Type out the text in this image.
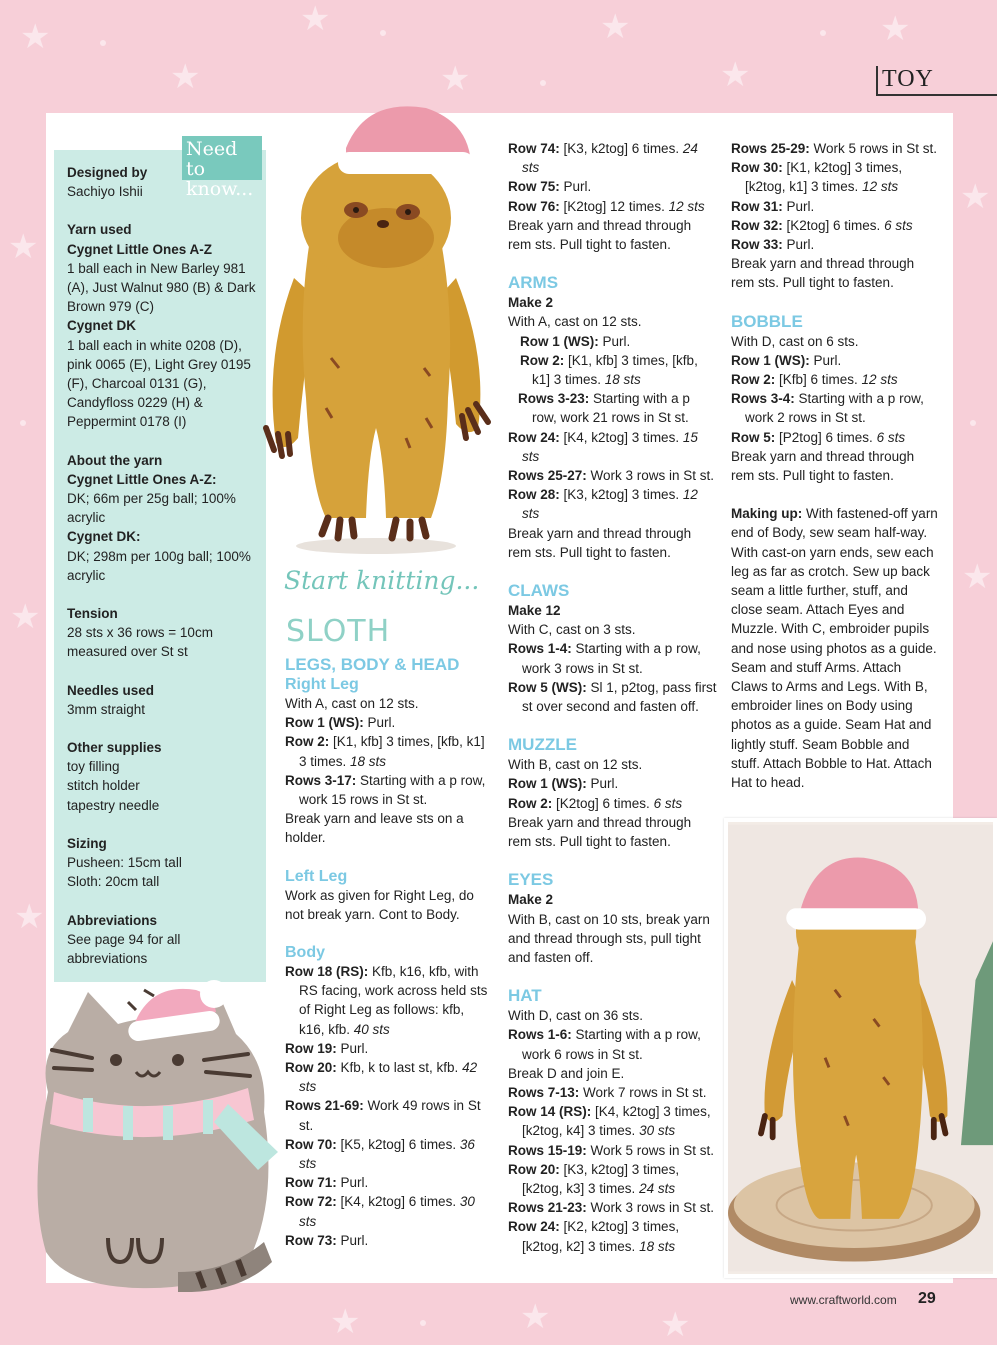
★
★
★
★
★
★
★
★
★
★
★
★
★	★	★
TOY
Need to know...
Designed by
Sachiyo Ishii
Yarn used
Cygnet Little Ones A-Z
1 ball each in New Barley 981 (A), Just Walnut 980 (B) & Dark Brown 979 (C)
Cygnet DK
1 ball each in white 0208 (D), pink 0065 (E), Light Grey 0195 (F), Charcoal 0131 (G), Candyfloss 0229 (H) & Peppermint 0178 (I)
About the yarn
Cygnet Little Ones A-Z:
DK; 66m per 25g ball; 100% acrylic
Cygnet DK:
DK; 298m per 100g ball; 100% acrylic
Tension
28 sts x 36 rows = 10cm measured over St st
Needles used
3mm straight
Other supplies
toy filling
stitch holder
tapestry needle
Sizing
Pusheen: 15cm tall
Sloth: 20cm tall
Abbreviations
See page 94 for all abbreviations
Start knitting...
SLOTH
LEGS, BODY & HEAD
Right Leg

With A, cast on 12 sts.

Row 1 (WS): Purl.

Row 2: [K1, kfb] 3 times, [kfb, k1] 3 times. 18 sts

Rows 3-17: Starting with a p row, work 15 rows in St st.

Break yarn and leave sts on a holder.

Left Leg

Work as given for Right Leg, do not break yarn. Cont to Body.

Body

Row 18 (RS): Kfb, k16, kfb, with RS facing, work across held sts of Right Leg as follows: kfb, k16, kfb. 40 sts

Row 19: Purl.

Row 20: Kfb, k to last st, kfb. 42 sts

Rows 21-69: Work 49 rows in St st.

Row 70: [K5, k2tog] 6 times. 36 sts

Row 71: Purl.

Row 72: [K4, k2tog] 6 times. 30 sts

Row 73: Purl.

Row 74: [K3, k2tog] 6 times. 24 sts

Row 75: Purl.

Row 76: [K2tog] 12 times. 12 sts

Break yarn and thread through rem sts. Pull tight to fasten.

ARMS

Make 2

With A, cast on 12 sts.

Row 1 (WS): Purl.

Row 2: [K1, kfb] 3 times, [kfb, k1] 3 times. 18 sts

Rows 3-23: Starting with a p row, work 21 rows in St st.

Row 24: [K4, k2tog] 3 times. 15 sts

Rows 25-27: Work 3 rows in St st.

Row 28: [K3, k2tog] 3 times. 12 sts

Break yarn and thread through rem sts. Pull tight to fasten.

CLAWS

Make 12

With C, cast on 3 sts.

Rows 1-4: Starting with a p row, work 3 rows in St st.

Row 5 (WS): Sl 1, p2tog, pass first st over second and fasten off.

MUZZLE

With B, cast on 12 sts.

Row 1 (WS): Purl.

Row 2: [K2tog] 6 times. 6 sts

Break yarn and thread through rem sts. Pull tight to fasten.

EYES

Make 2

With B, cast on 10 sts, break yarn and thread through sts, pull tight and fasten off.

HAT

With D, cast on 36 sts.

Rows 1-6: Starting with a p row, work 6 rows in St st.

Break D and join E.

Rows 7-13: Work 7 rows in St st.

Row 14 (RS): [K4, k2tog] 3 times, [k2tog, k4] 3 times. 30 sts

Rows 15-19: Work 5 rows in St st.

Row 20: [K3, k2tog] 3 times, [k2tog, k3] 3 times. 24 sts

Rows 21-23: Work 3 rows in St st.

Row 24: [K2, k2tog] 3 times, [k2tog, k2] 3 times. 18 sts

Rows 25-29: Work 5 rows in St st.

Row 30: [K1, k2tog] 3 times, [k2tog, k1] 3 times. 12 sts

Row 31: Purl.

Row 32: [K2tog] 6 times. 6 sts

Row 33: Purl.

Break yarn and thread through rem sts. Pull tight to fasten.

BOBBLE

With D, cast on 6 sts.

Row 1 (WS): Purl.

Row 2: [Kfb] 6 times. 12 sts

Rows 3-4: Starting with a p row, work 2 rows in St st.

Row 5: [P2tog] 6 times. 6 sts

Break yarn and thread through rem sts. Pull tight to fasten.

Making up: With fastened-off yarn end of Body, sew seam half-way. With cast-on yarn ends, sew each leg as far as crotch. Sew up back seam a little further, stuff, and close seam. Attach Eyes and Muzzle. With C, embroider pupils and nose using photos as a guide.

Seam and stuff Arms. Attach Claws to Arms and Legs. With B, embroider lines on Body using photos as a guide. Seam Hat and lightly stuff. Seam Bobble and stuff. Attach Bobble to Hat. Attach Hat to head.

www.craftworld.com 29
